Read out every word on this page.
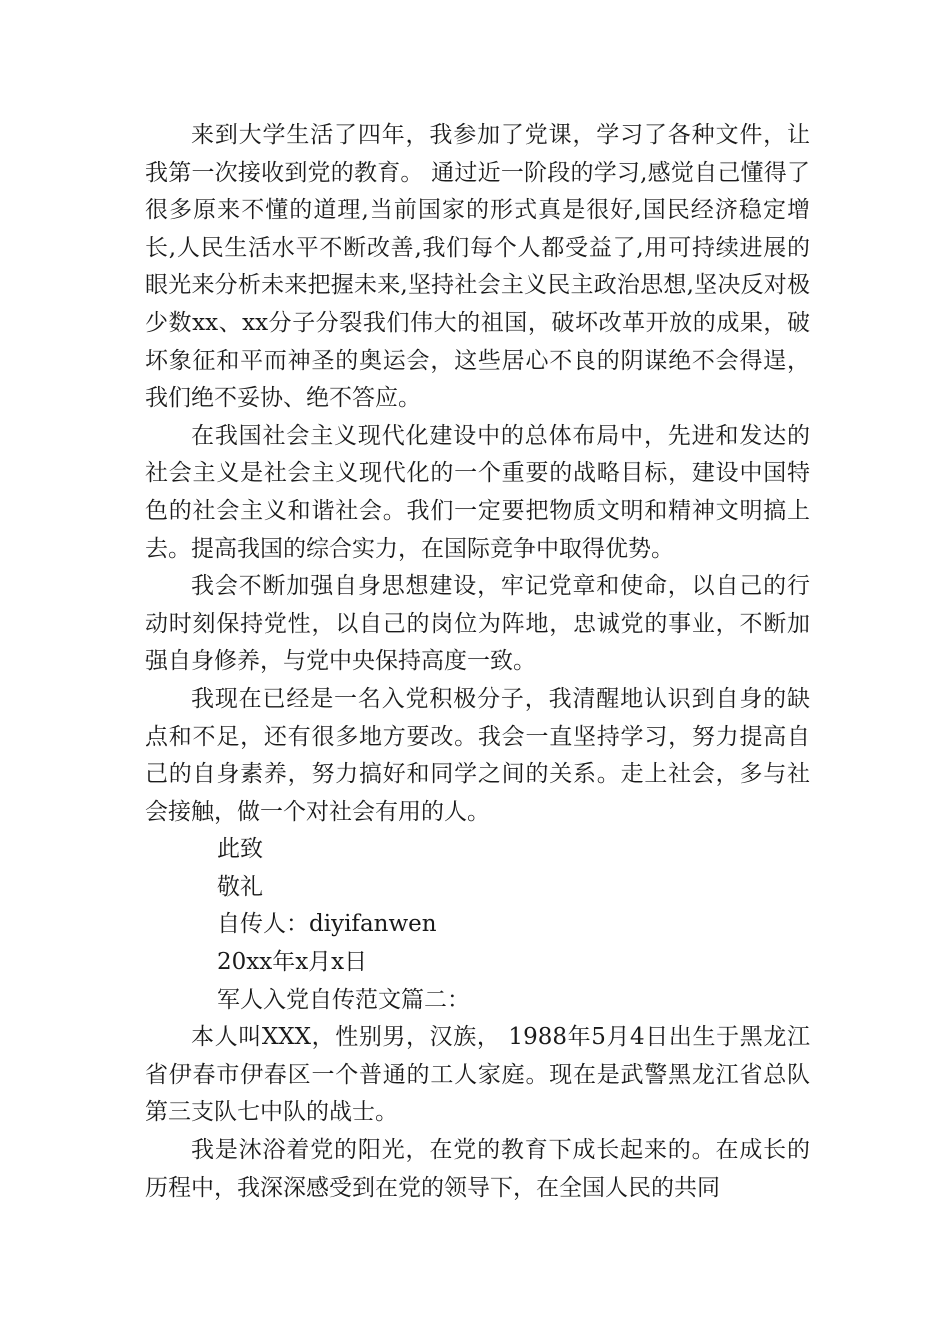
来到大学生活了四年，我参加了党课，学习了各种文件，让我第一次接收到党的教育。 通过近一阶段的学习,感觉自己懂得了很多原来不懂的道理,当前国家的形式真是很好,国民经济稳定增长,人民生活水平不断改善,我们每个人都受益了,用可持续进展的眼光来分析未来把握未来,坚持社会主义民主政治思想,坚决反对极少数xx、xx分子分裂我们伟大的祖国，破坏改革开放的成果，破坏象征和平而神圣的奥运会，这些居心不良的阴谋绝不会得逞，我们绝不妥协、绝不答应。

在我国社会主义现代化建设中的总体布局中，先进和发达的社会主义是社会主义现代化的一个重要的战略目标，建设中国特色的社会主义和谐社会。我们一定要把物质文明和精神文明搞上去。提高我国的综合实力，在国际竞争中取得优势。

我会不断加强自身思想建设，牢记党章和使命，以自己的行动时刻保持党性，以自己的岗位为阵地，忠诚党的事业，不断加强自身修养，与党中央保持高度一致。

我现在已经是一名入党积极分子，我清醒地认识到自身的缺点和不足，还有很多地方要改。我会一直坚持学习，努力提高自己的自身素养，努力搞好和同学之间的关系。走上社会，多与社会接触，做一个对社会有用的人。

此致

敬礼

自传人：diyifanwen

20xx年x月x日

军人入党自传范文篇二：

本人叫XXX，性别男，汉族， 1988年5月4日出生于黑龙江省伊春市伊春区一个普通的工人家庭。现在是武警黑龙江省总队第三支队七中队的战士。

我是沐浴着党的阳光，在党的教育下成长起来的。在成长的历程中，我深深感受到在党的领导下，在全国人民的共同
